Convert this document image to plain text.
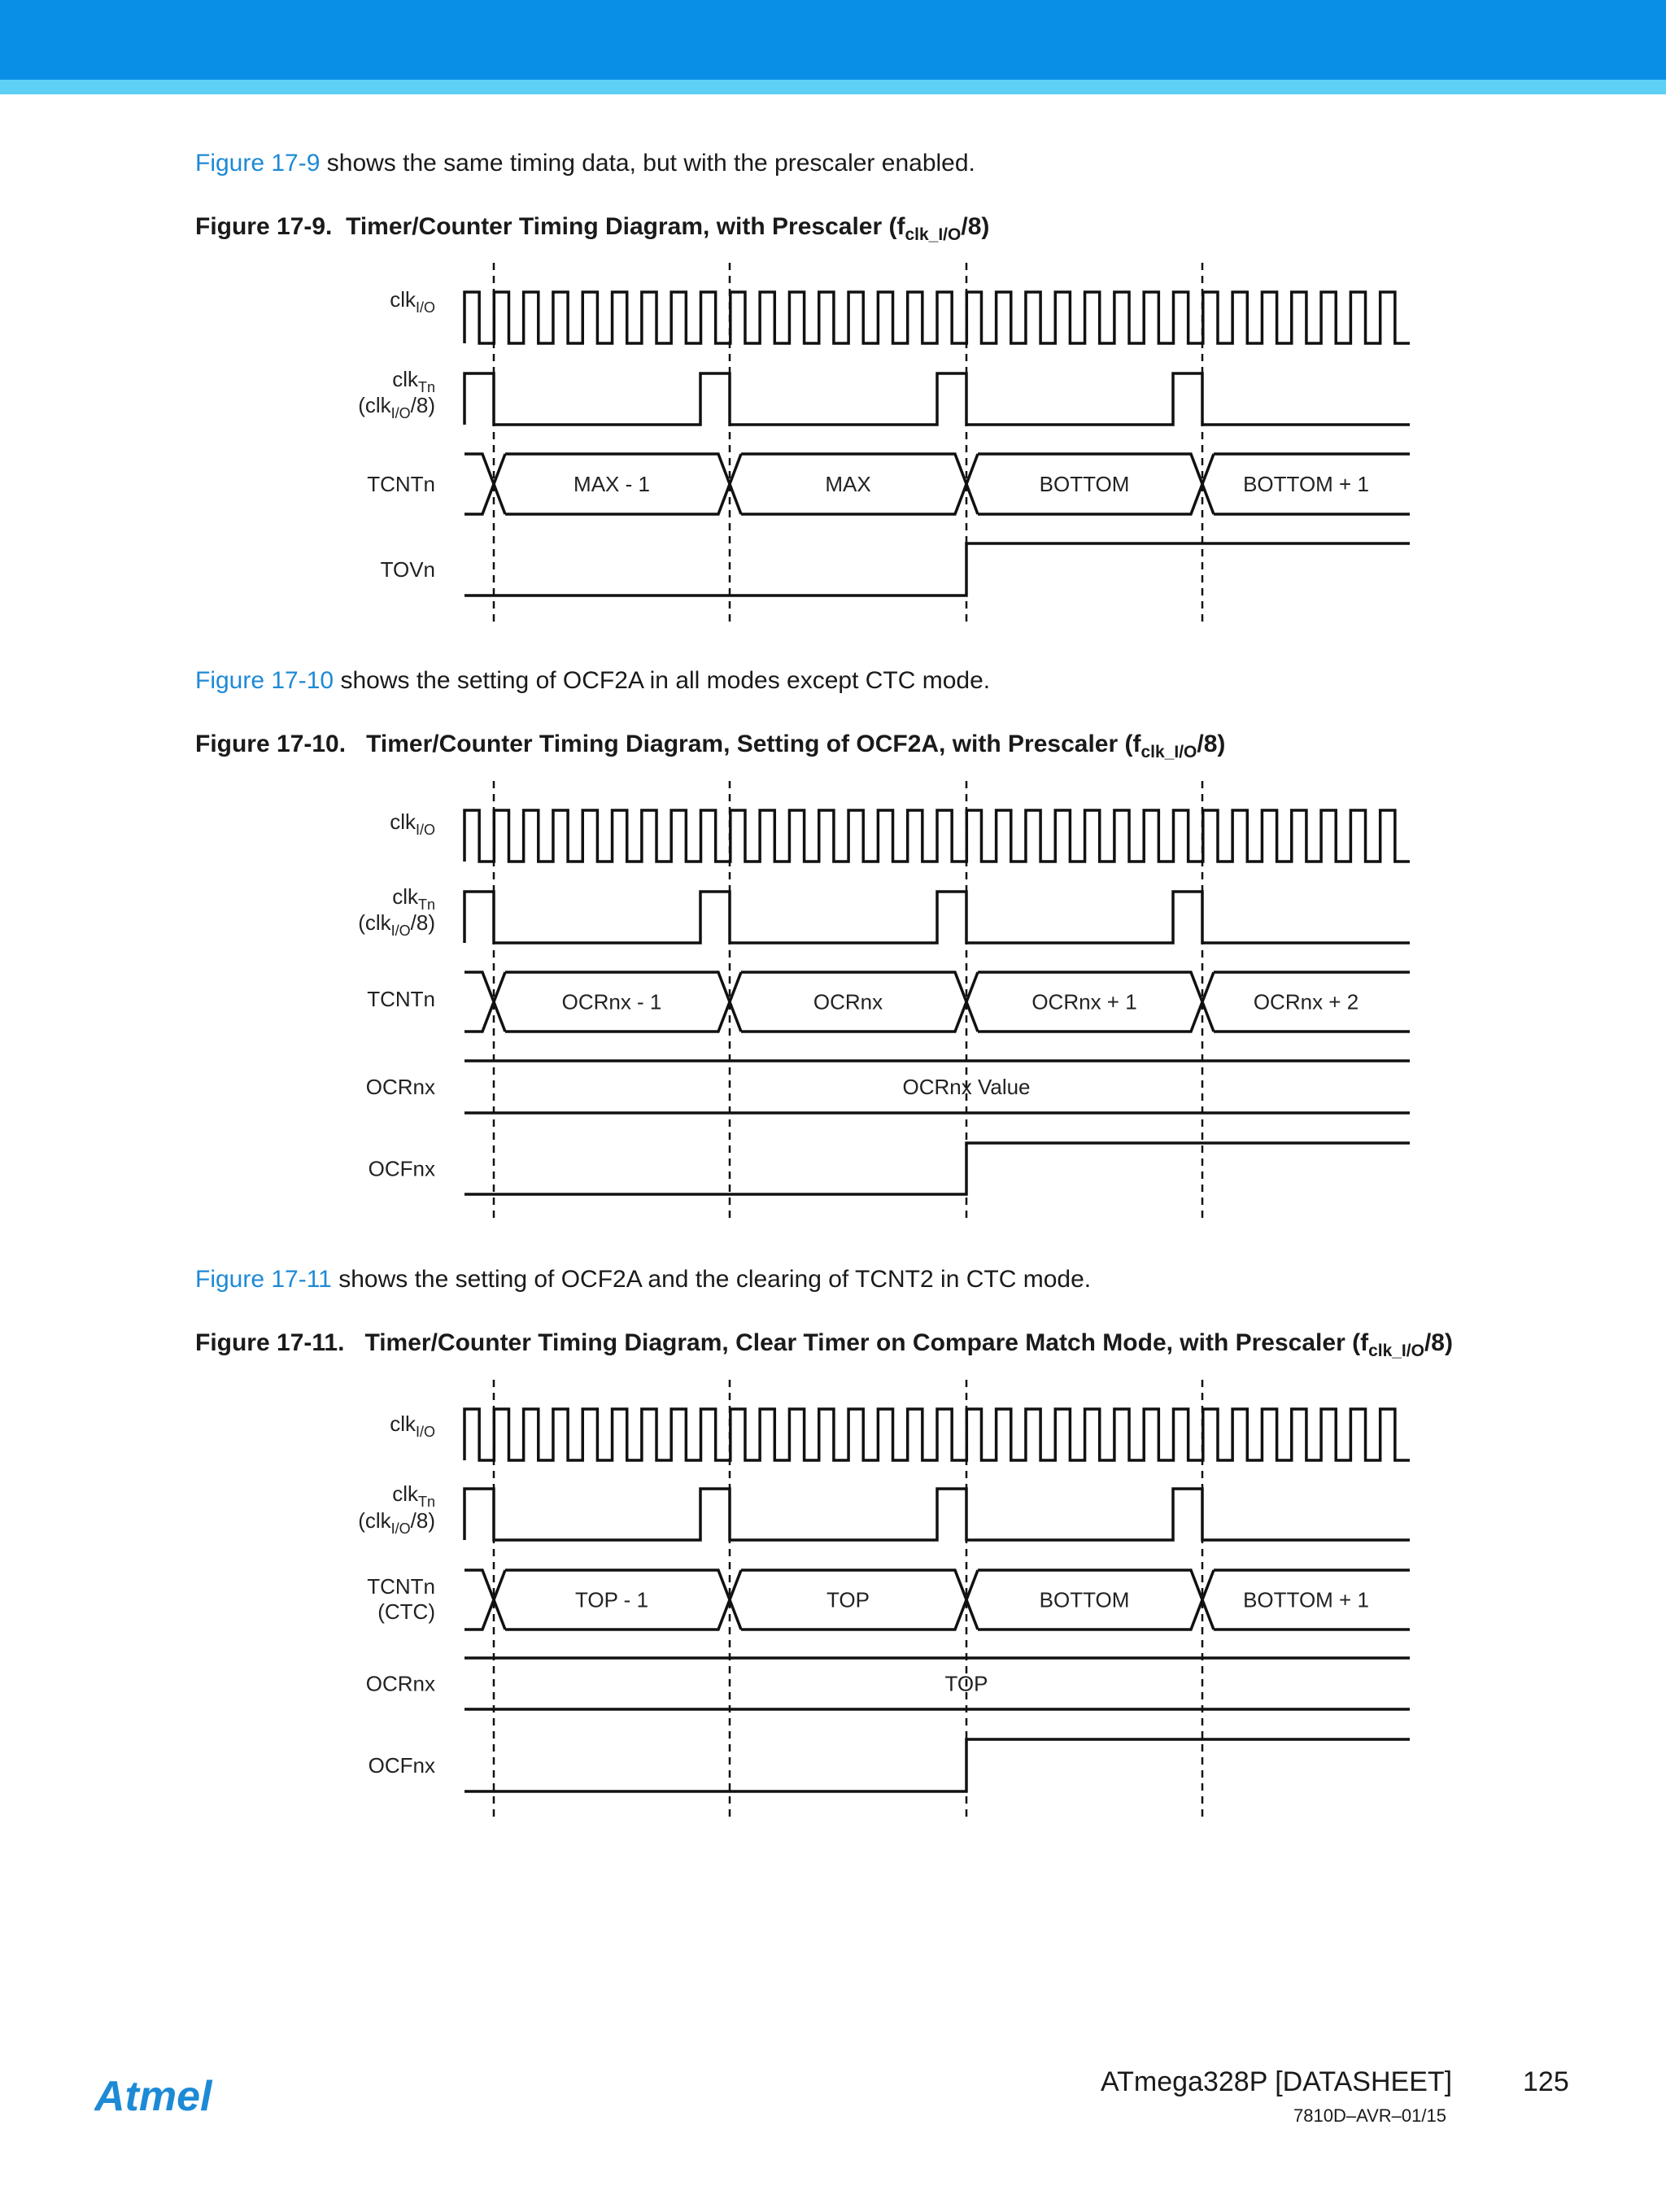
Figure 17-9 shows the same timing data, but with the prescaler enabled.
Figure 17-9. Timer/Counter Timing Diagram, with Prescaler $(f_{clk\_I/O}/8)$
clk$_{I/O}$
clk$_{Tn}$
(clk$_{I/O}$/8)
TCNTn	MAX - 1	MAX	BOTTOM	BOTTOM + 1
TOVn
Figure 17-10 shows the setting of OCF2A in all modes except CTC mode.
Figure 17-10. Timer/Counter Timing Diagram, Setting of OCF2A, with Prescaler $(f_{clk\_I/O}/8)$
clk$_{I/O}$
clk$_{Tn}$
(clk$_{I/O}$/8)
TCNTn	OCRnx - 1	OCRnx	OCRnx + 1	OCRnx + 2
OCRnx	OCRnx Value
OCFnx
Figure 17-11 shows the setting of OCF2A and the clearing of TCNT2 in CTC mode.
Figure 17-11. Timer/Counter Timing Diagram, Clear Timer on Compare Match Mode, with Prescaler $(f_{clk\_I/O}/8)$
clk$_{I/O}$
clk$_{Tn}$
(clk$_{I/O}$/8)
TCNTn
(CTC)	TOP - 1	TOP	BOTTOM	BOTTOM + 1
OCRnx	TOP
OCFnx
Atmel	ATmega328P [DATASHEET]	125
7810D–AVR–01/15
